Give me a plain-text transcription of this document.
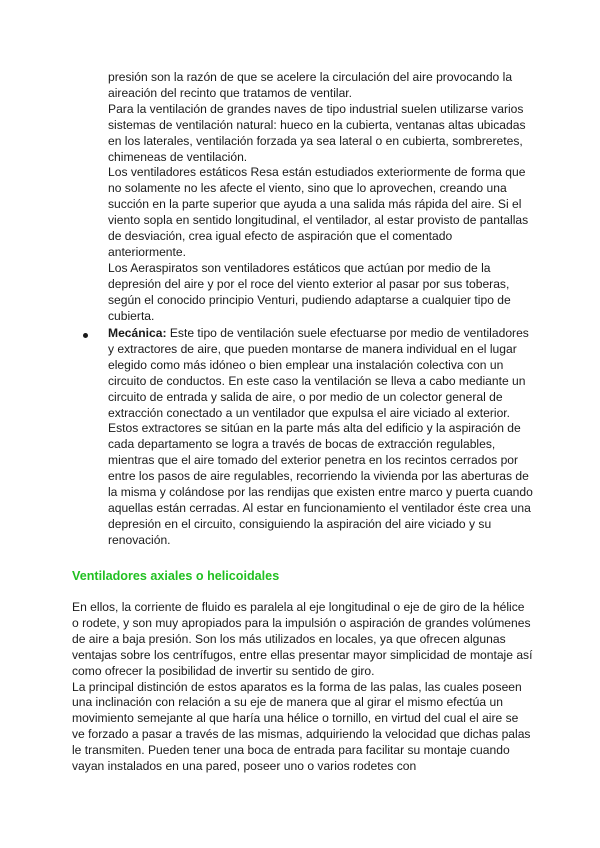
presión son la razón de que se acelere la circulación del aire provocando la aireación del recinto que tratamos de ventilar.

Para la ventilación de grandes naves de tipo industrial suelen utilizarse varios sistemas de ventilación natural: hueco en la cubierta, ventanas altas ubicadas en los laterales, ventilación forzada ya sea lateral o en cubierta, sombreretes, chimeneas de ventilación.

Los ventiladores estáticos Resa están estudiados exteriormente de forma que no solamente no les afecte el viento, sino que lo aprovechen, creando una succión en la parte superior que ayuda a una salida más rápida del aire. Si el viento sopla en sentido longitudinal, el ventilador, al estar provisto de pantallas de desviación, crea igual efecto de aspiración que el comentado anteriormente.

Los Aeraspiratos son ventiladores estáticos que actúan por medio de la depresión del aire y por el roce del viento exterior al pasar por sus toberas, según el conocido principio Venturi, pudiendo adaptarse a cualquier tipo de cubierta.

Mecánica: Este tipo de ventilación suele efectuarse por medio de ventiladores y extractores de aire, que pueden montarse de manera individual en el lugar elegido como más idóneo o bien emplear una instalación colectiva con un circuito de conductos. En este caso la ventilación se lleva a cabo mediante un circuito de entrada y salida de aire, o por medio de un colector general de extracción conectado a un ventilador que expulsa el aire viciado al exterior. Estos extractores se sitúan en la parte más alta del edificio y la aspiración de cada departamento se logra a través de bocas de extracción regulables, mientras que el aire tomado del exterior penetra en los recintos cerrados por entre los pasos de aire regulables, recorriendo la vivienda por las aberturas de la misma y colándose por las rendijas que existen entre marco y puerta cuando aquellas están cerradas. Al estar en funcionamiento el ventilador éste crea una depresión en el circuito, consiguiendo la aspiración del aire viciado y su renovación.

Ventiladores axiales o helicoidales

En ellos, la corriente de fluido es paralela al eje longitudinal o eje de giro de la hélice o rodete, y son muy apropiados para la impulsión o aspiración de grandes volúmenes de aire a baja presión. Son los más utilizados en locales, ya que ofrecen algunas ventajas sobre los centrífugos, entre ellas presentar mayor simplicidad de montaje así como ofrecer la posibilidad de invertir su sentido de giro.

La principal distinción de estos aparatos es la forma de las palas, las cuales poseen una inclinación con relación a su eje de manera que al girar el mismo efectúa un movimiento semejante al que haría una hélice o tornillo, en virtud del cual el aire se ve forzado a pasar a través de las mismas, adquiriendo la velocidad que dichas palas le transmiten. Pueden tener una boca de entrada para facilitar su montaje cuando vayan instalados en una pared, poseer uno o varios rodetes con
